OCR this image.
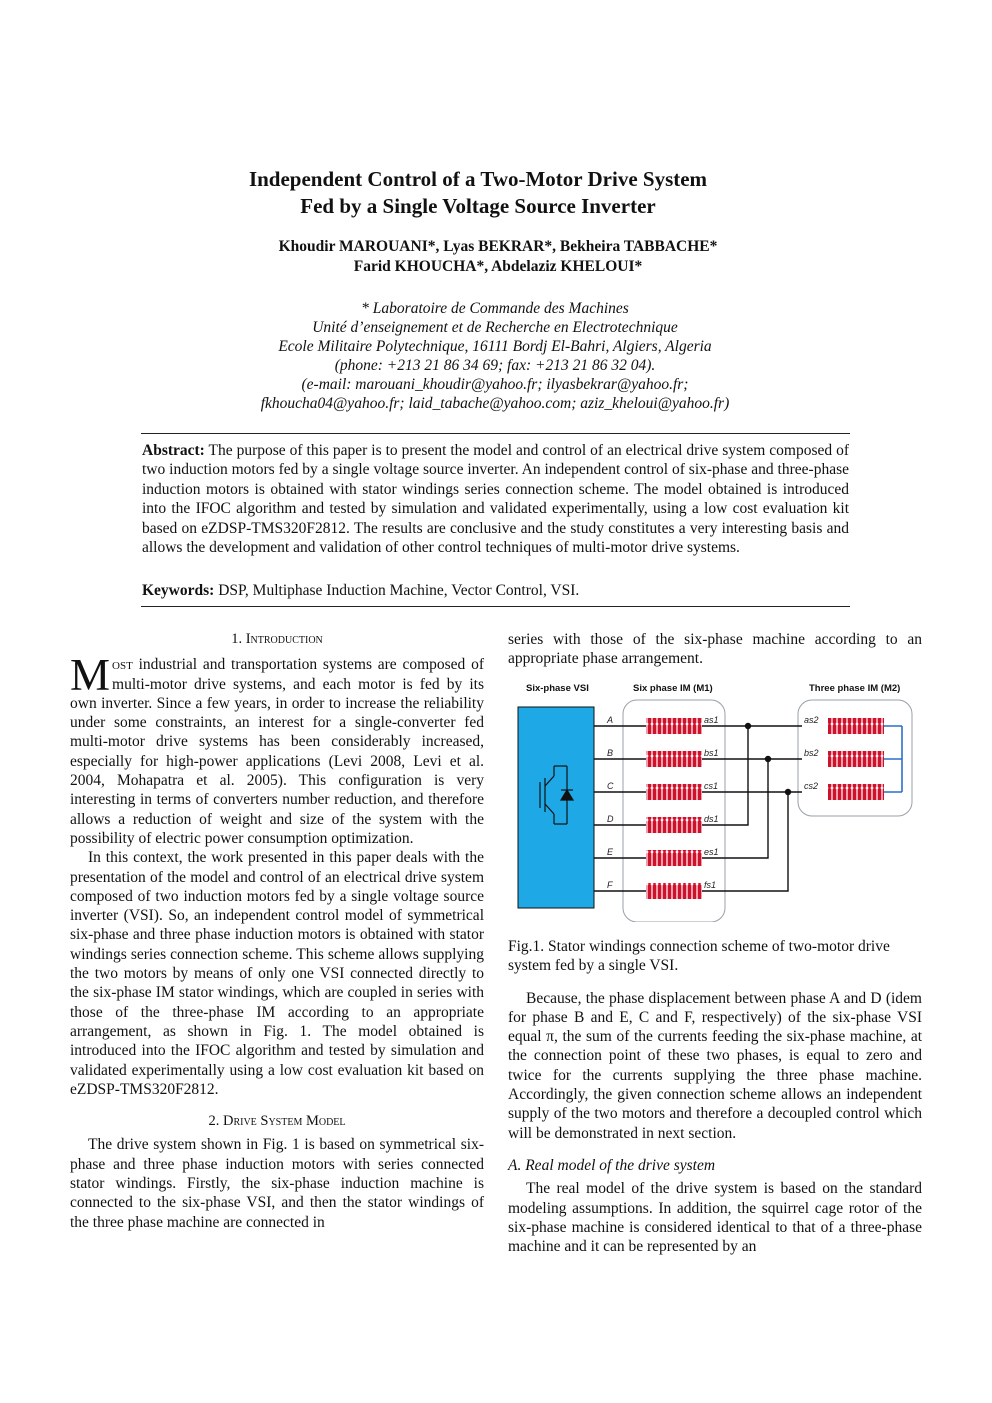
Independent Control of a Two-Motor Drive System
Fed by a Single Voltage Source Inverter
Khoudir MAROUANI*, Lyas BEKRAR*, Bekheira TABBACHE*
Farid KHOUCHA*, Abdelaziz KHELOUI*
* Laboratoire de Commande des Machines
Unité d’enseignement et de Recherche en Electrotechnique
Ecole Militaire Polytechnique, 16111 Bordj El-Bahri, Algiers, Algeria
(phone: +213 21 86 34 69; fax: +213 21 86 32 04).
(e-mail: marouani_khoudir@yahoo.fr; ilyasbekrar@yahoo.fr;
fkhoucha04@yahoo.fr; laid_tabache@yahoo.com; aziz_kheloui@yahoo.fr)
Abstract: The purpose of this paper is to present the model and control of an electrical drive system composed of two induction motors fed by a single voltage source inverter. An independent control of six-phase and three-phase induction motors is obtained with stator windings series connection scheme. The model obtained is introduced into the IFOC algorithm and tested by simulation and validated experimentally, using a low cost evaluation kit based on eZDSP-TMS320F2812. The results are conclusive and the study constitutes a very interesting basis and allows the development and validation of other control techniques of multi-motor drive systems.
Keywords: DSP, Multiphase Induction Machine, Vector Control, VSI.

1. Introduction

Most industrial and transportation systems are composed of multi-motor drive systems, and each motor is fed by its own inverter. Since a few years, in order to increase the reliability under some constraints, an interest for a single-converter fed multi-motor drive systems has been considerably increased, especially for high-power applications (Levi 2008, Levi et al. 2004, Mohapatra et al. 2005). This configuration is very interesting in terms of converters number reduction, and therefore allows a reduction of weight and size of the system with the possibility of electric power consumption optimization.

In this context, the work presented in this paper deals with the presentation of the model and control of an electrical drive system composed of two induction motors fed by a single voltage source inverter (VSI). So, an independent control model of symmetrical six-phase and three phase induction motors is obtained with stator windings series connection scheme. This scheme allows supplying the two motors by means of only one VSI connected directly to the six-phase IM stator windings, which are coupled in series with those of the three-phase IM according to an appropriate arrangement, as shown in Fig. 1. The model obtained is introduced into the IFOC algorithm and tested by simulation and validated experimentally using a low cost evaluation kit based on eZDSP-TMS320F2812.

2. Drive System Model

The drive system shown in Fig. 1 is based on symmetrical six-phase and three phase induction motors with series connected stator windings. Firstly, the six-phase induction machine is connected to the six-phase VSI, and then the stator windings of the three phase machine are connected in

series with those of the six-phase machine according to an appropriate phase arrangement.

Six-phase VSI	Six phase IM (M1)	Three phase IM (M2)
A
B
C
D
E
F
as1
bs1
cs1
ds1
es1
fs1
as2
bs2
cs2

Fig.1. Stator windings connection scheme of two-motor drive system fed by a single VSI.

Because, the phase displacement between phase A and D (idem for phase B and E, C and F, respectively) of the six-phase VSI equal π, the sum of the currents feeding the six-phase machine, at the connection point of these two phases, is equal to zero and twice for the currents supplying the three phase machine. Accordingly, the given connection scheme allows an independent supply of the two motors and therefore a decoupled control which will be demonstrated in next section.

A. Real model of the drive system

The real model of the drive system is based on the standard modeling assumptions. In addition, the squirrel cage rotor of the six-phase machine is considered identical to that of a three-phase machine and it can be represented by an
